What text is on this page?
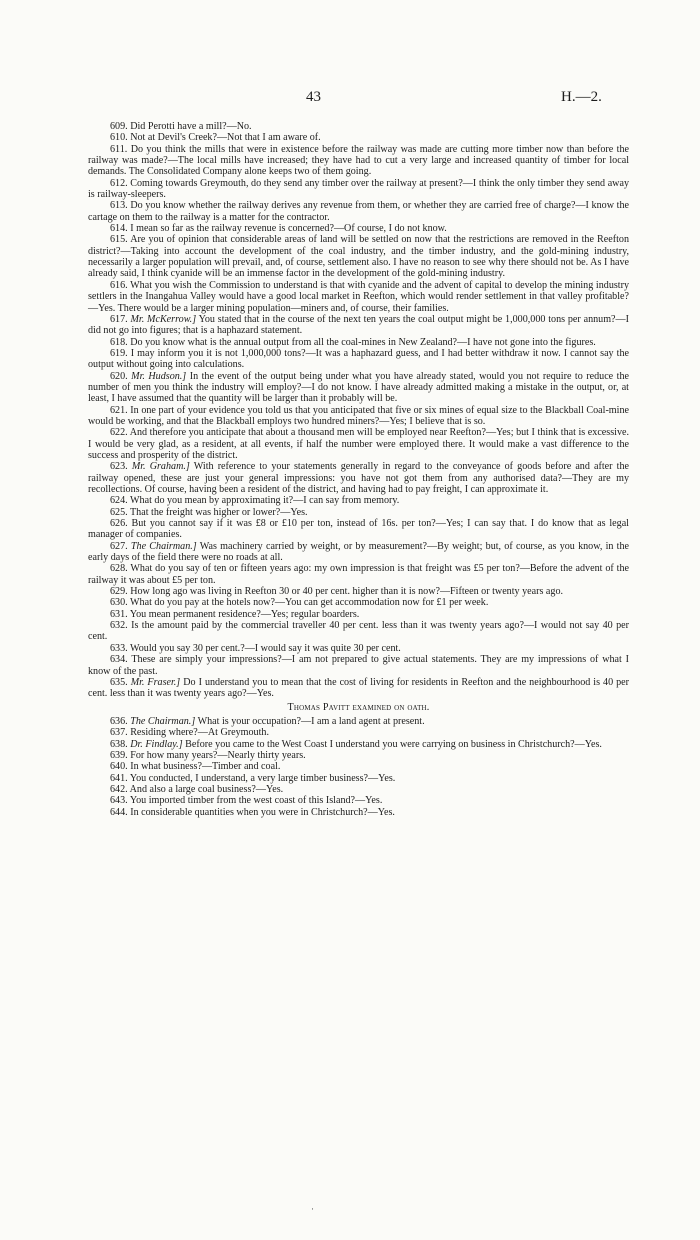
43	H.—2.

609. Did Perotti have a mill?—No.

610. Not at Devil's Creek?—Not that I am aware of.

611. Do you think the mills that were in existence before the railway was made are cutting more timber now than before the railway was made?—The local mills have increased; they have had to cut a very large and increased quantity of timber for local demands. The Consolidated Company alone keeps two of them going.

612. Coming towards Greymouth, do they send any timber over the railway at present?—I think the only timber they send away is railway-sleepers.

613. Do you know whether the railway derives any revenue from them, or whether they are carried free of charge?—I know the cartage on them to the railway is a matter for the contractor.

614. I mean so far as the railway revenue is concerned?—Of course, I do not know.

615. Are you of opinion that considerable areas of land will be settled on now that the restrictions are removed in the Reefton district?—Taking into account the development of the coal industry, and the timber industry, and the gold-mining industry, necessarily a larger population will prevail, and, of course, settlement also. I have no reason to see why there should not be. As I have already said, I think cyanide will be an immense factor in the development of the gold-mining industry.

616. What you wish the Commission to understand is that with cyanide and the advent of capital to develop the mining industry settlers in the Inangahua Valley would have a good local market in Reefton, which would render settlement in that valley profitable?—Yes. There would be a larger mining population—miners and, of course, their families.

617. Mr. McKerrow.] You stated that in the course of the next ten years the coal output might be 1,000,000 tons per annum?—I did not go into figures; that is a haphazard statement.

618. Do you know what is the annual output from all the coal-mines in New Zealand?—I have not gone into the figures.

619. I may inform you it is not 1,000,000 tons?—It was a haphazard guess, and I had better withdraw it now. I cannot say the output without going into calculations.

620. Mr. Hudson.] In the event of the output being under what you have already stated, would you not require to reduce the number of men you think the industry will employ?—I do not know. I have already admitted making a mistake in the output, or, at least, I have assumed that the quantity will be larger than it probably will be.

621. In one part of your evidence you told us that you anticipated that five or six mines of equal size to the Blackball Coal-mine would be working, and that the Blackball employs two hundred miners?—Yes; I believe that is so.

622. And therefore you anticipate that about a thousand men will be employed near Reefton?—Yes; but I think that is excessive. I would be very glad, as a resident, at all events, if half the number were employed there. It would make a vast difference to the success and prosperity of the district.

623. Mr. Graham.] With reference to your statements generally in regard to the conveyance of goods before and after the railway opened, these are just your general impressions: you have not got them from any authorised data?—They are my recollections. Of course, having been a resident of the district, and having had to pay freight, I can approximate it.

624. What do you mean by approximating it?—I can say from memory.

625. That the freight was higher or lower?—Yes.

626. But you cannot say if it was £8 or £10 per ton, instead of 16s. per ton?—Yes; I can say that. I do know that as legal manager of companies.

627. The Chairman.] Was machinery carried by weight, or by measurement?—By weight; but, of course, as you know, in the early days of the field there were no roads at all.

628. What do you say of ten or fifteen years ago: my own impression is that freight was £5 per ton?—Before the advent of the railway it was about £5 per ton.

629. How long ago was living in Reefton 30 or 40 per cent. higher than it is now?—Fifteen or twenty years ago.

630. What do you pay at the hotels now?—You can get accommodation now for £1 per week.

631. You mean permanent residence?—Yes; regular boarders.

632. Is the amount paid by the commercial traveller 40 per cent. less than it was twenty years ago?—I would not say 40 per cent.

633. Would you say 30 per cent.?—I would say it was quite 30 per cent.

634. These are simply your impressions?—I am not prepared to give actual statements. They are my impressions of what I know of the past.

635. Mr. Fraser.] Do I understand you to mean that the cost of living for residents in Reefton and the neighbourhood is 40 per cent. less than it was twenty years ago?—Yes.

Thomas Pavitt examined on oath.

636. The Chairman.] What is your occupation?—I am a land agent at present.

637. Residing where?—At Greymouth.

638. Dr. Findlay.] Before you came to the West Coast I understand you were carrying on business in Christchurch?—Yes.

639. For how many years?—Nearly thirty years.

640. In what business?—Timber and coal.

641. You conducted, I understand, a very large timber business?—Yes.

642. And also a large coal business?—Yes.

643. You imported timber from the west coast of this Island?—Yes.

644. In considerable quantities when you were in Christchurch?—Yes.

·
